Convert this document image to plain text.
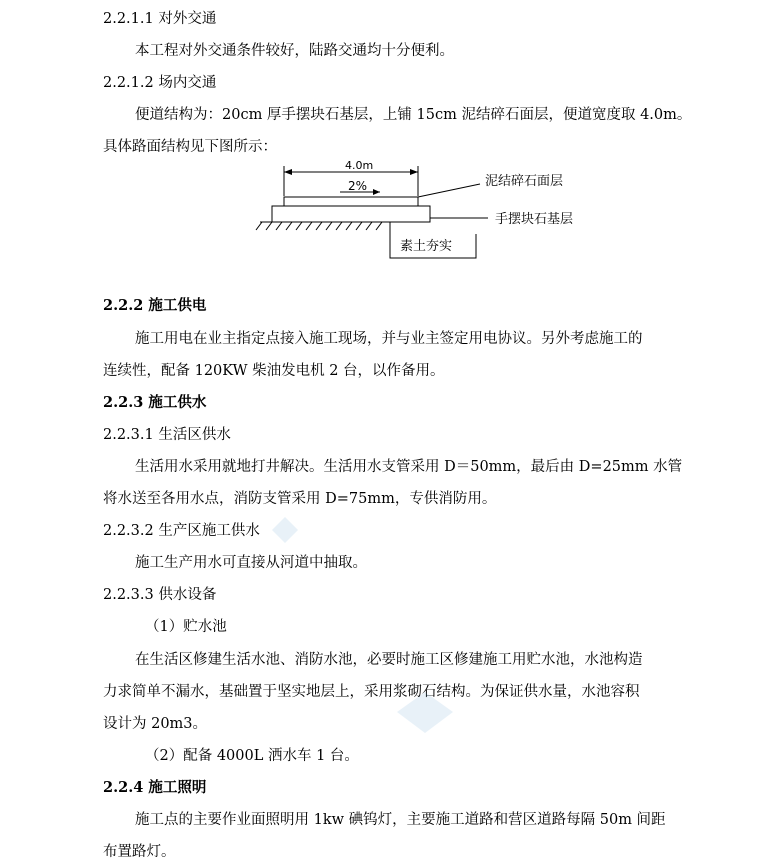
2.2.1.1 对外交通
本工程对外交通条件较好，陆路交通均十分便利。
2.2.1.2 场内交通
便道结构为：20cm 厚手摆块石基层，上铺 15cm 泥结碎石面层，便道宽度取 4.0m。
具体路面结构见下图所示：
4.0m
2%	泥结碎石面层
手摆块石基层
素土夯实
2.2.2 施工供电
施工用电在业主指定点接入施工现场，并与业主签定用电协议。另外考虑施工的
连续性，配备 120KW 柴油发电机 2 台，以作备用。
2.2.3 施工供水
2.2.3.1 生活区供水
生活用水采用就地打井解决。生活用水支管采用 D＝50mm，最后由 D=25mm 水管
将水送至各用水点，消防支管采用 D=75mm，专供消防用。
2.2.3.2 生产区施工供水
施工生产用水可直接从河道中抽取。
2.2.3.3 供水设备
（1）贮水池
在生活区修建生活水池、消防水池，必要时施工区修建施工用贮水池，水池构造
力求简单不漏水，基础置于坚实地层上，采用浆砌石结构。为保证供水量，水池容积
设计为 20m3。
（2）配备 4000L 洒水车 1 台。
2.2.4 施工照明
施工点的主要作业面照明用 1kw 碘钨灯，主要施工道路和营区道路每隔 50m 间距
布置路灯。
